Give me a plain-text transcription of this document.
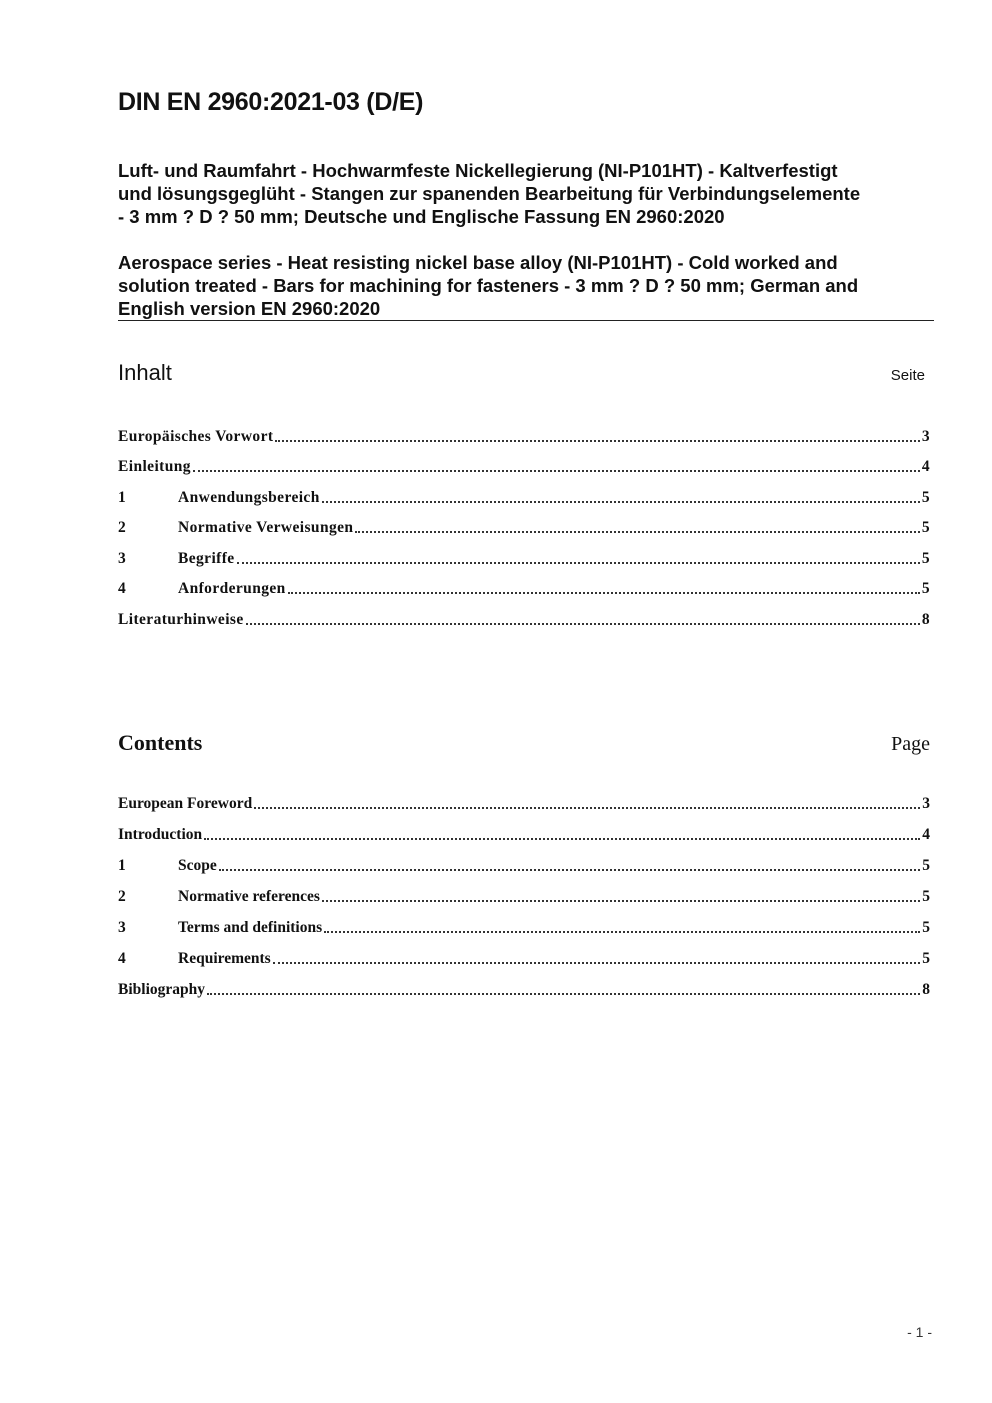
DIN EN 2960:2021-03 (D/E)
Luft- und Raumfahrt - Hochwarmfeste Nickellegierung (NI-P101HT) - Kaltverfestigt
und lösungsgeglüht - Stangen zur spanenden Bearbeitung für Verbindungselemente
- 3 mm ? D ? 50 mm; Deutsche und Englische Fassung EN 2960:2020
Aerospace series - Heat resisting nickel base alloy (NI-P101HT) - Cold worked and
solution treated - Bars for machining for fasteners - 3 mm ? D ? 50 mm; German and
English version EN 2960:2020
Inhalt	Seite

Europäisches Vorwort	3
Einleitung	4
1	Anwendungsbereich	5
2	Normative Verweisungen	5
3	Begriffe	5
4	Anforderungen	5
Literaturhinweise	8
Contents	Page

European Foreword	3
Introduction	4
1	Scope	5
2	Normative references	5
3	Terms and definitions	5
4	Requirements	5
Bibliography	8

- 1 -
